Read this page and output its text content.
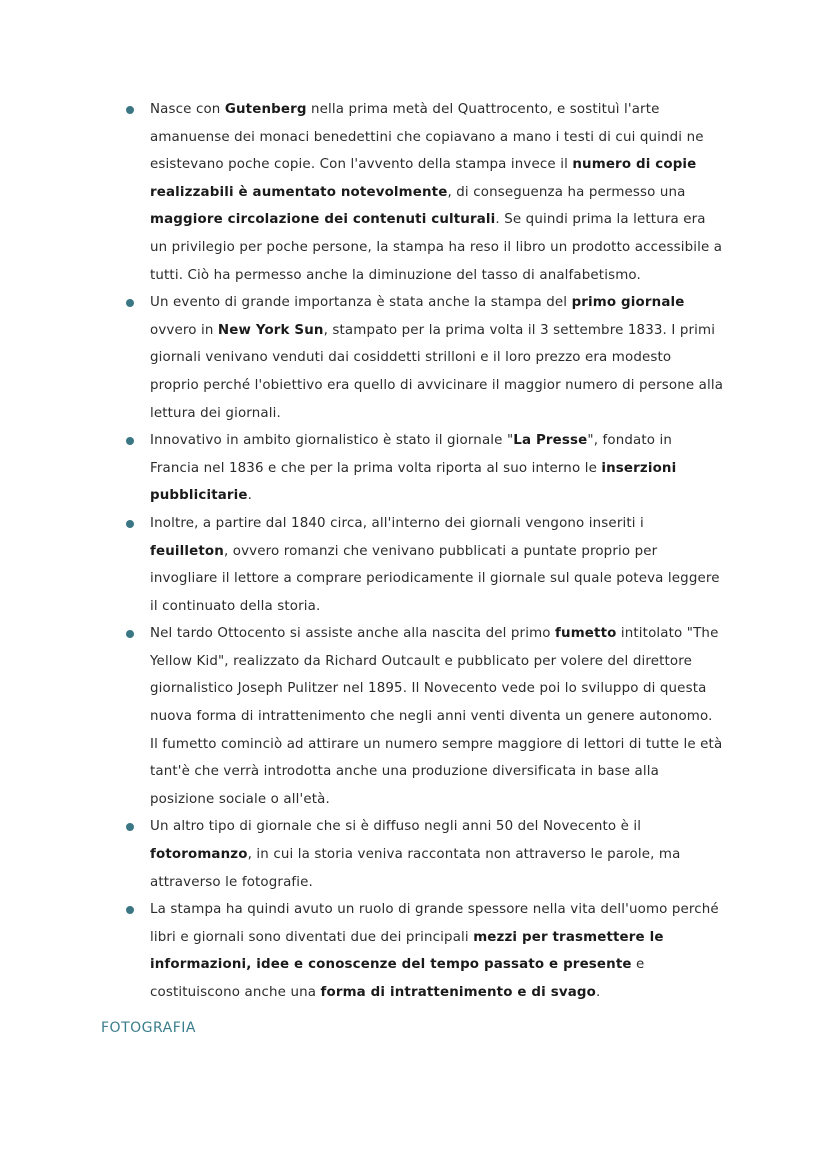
Nasce con Gutenberg nella prima metà del Quattrocento, e sostituì l'arte amanuense dei monaci benedettini che copiavano a mano i testi di cui quindi ne esistevano poche copie. Con l'avvento della stampa invece il numero di copie realizzabili è aumentato notevolmente, di conseguenza ha permesso una maggiore circolazione dei contenuti culturali. Se quindi prima la lettura era un privilegio per poche persone, la stampa ha reso il libro un prodotto accessibile a tutti. Ciò ha permesso anche la diminuzione del tasso di analfabetismo.
Un evento di grande importanza è stata anche la stampa del primo giornale ovvero in New York Sun, stampato per la prima volta il 3 settembre 1833. I primi giornali venivano venduti dai cosiddetti strilloni e il loro prezzo era modesto proprio perché l'obiettivo era quello di avvicinare il maggior numero di persone alla lettura dei giornali.
Innovativo in ambito giornalistico è stato il giornale "La Presse", fondato in Francia nel 1836 e che per la prima volta riporta al suo interno le inserzioni pubblicitarie.
Inoltre, a partire dal 1840 circa, all'interno dei giornali vengono inseriti i feuilleton, ovvero romanzi che venivano pubblicati a puntate proprio per invogliare il lettore a comprare periodicamente il giornale sul quale poteva leggere il continuato della storia.
Nel tardo Ottocento si assiste anche alla nascita del primo fumetto intitolato "The Yellow Kid", realizzato da Richard Outcault e pubblicato per volere del direttore giornalistico Joseph Pulitzer nel 1895. Il Novecento vede poi lo sviluppo di questa nuova forma di intrattenimento che negli anni venti diventa un genere autonomo. Il fumetto cominciò ad attirare un numero sempre maggiore di lettori di tutte le età tant'è che verrà introdotta anche una produzione diversificata in base alla posizione sociale o all'età.
Un altro tipo di giornale che si è diffuso negli anni 50 del Novecento è il fotoromanzo, in cui la storia veniva raccontata non attraverso le parole, ma attraverso le fotografie.
La stampa ha quindi avuto un ruolo di grande spessore nella vita dell'uomo perché libri e giornali sono diventati due dei principali mezzi per trasmettere le informazioni, idee e conoscenze del tempo passato e presente e costituiscono anche una forma di intrattenimento e di svago.
FOTOGRAFIA
